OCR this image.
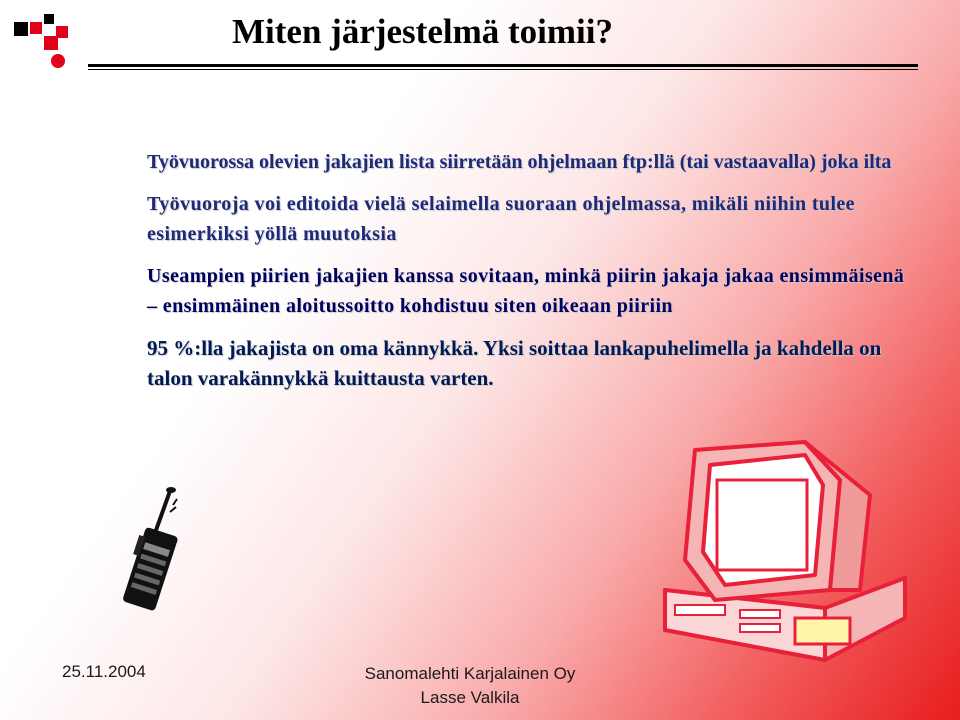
Miten järjestelmä toimii?

Työvuorossa olevien jakajien lista siirretään ohjelmaan ftp:llä (tai vastaavalla) joka ilta

Työvuoroja voi editoida vielä selaimella suoraan ohjelmassa, mikäli niihin tulee esimerkiksi yöllä muutoksia

Useampien piirien jakajien kanssa sovitaan, minkä piirin jakaja jakaa ensimmäisenä – ensimmäinen aloitussoitto kohdistuu siten oikeaan piiriin

95 %:lla jakajista on oma kännykkä. Yksi soittaa lankapuhelimella ja kahdella on talon varakännykkä kuittausta varten.

25.11.2004	Sanomalehti Karjalainen Oy
Lasse Valkila
